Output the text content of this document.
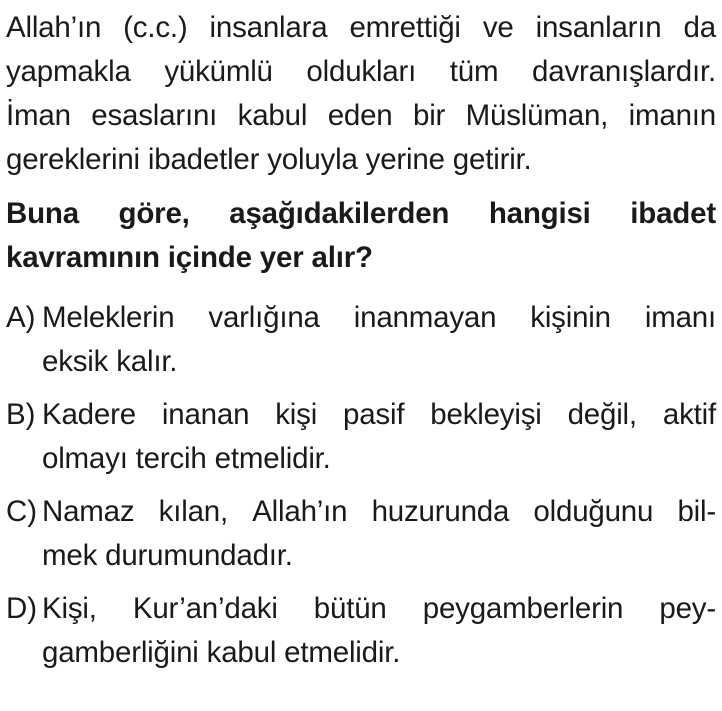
Allah’ın (c.c.) insanlara emrettiği ve insanların da
yapmakla yükümlü oldukları tüm davranışlardır.
İman esaslarını kabul eden bir Müslüman, imanın
gereklerini ibadetler yoluyla yerine getirir.
Buna göre, aşağıdakilerden hangisi ibadet
kavramının içinde yer alır?
A) Meleklerin varlığına inanmayan kişinin imanı
eksik kalır.
B) Kadere inanan kişi pasif bekleyişi değil, aktif
olmayı tercih etmelidir.
C) Namaz kılan, Allah’ın huzurunda olduğunu bil-
mek durumundadır.
D) Kişi, Kur’an’daki bütün peygamberlerin pey-
gamberliğini kabul etmelidir.
